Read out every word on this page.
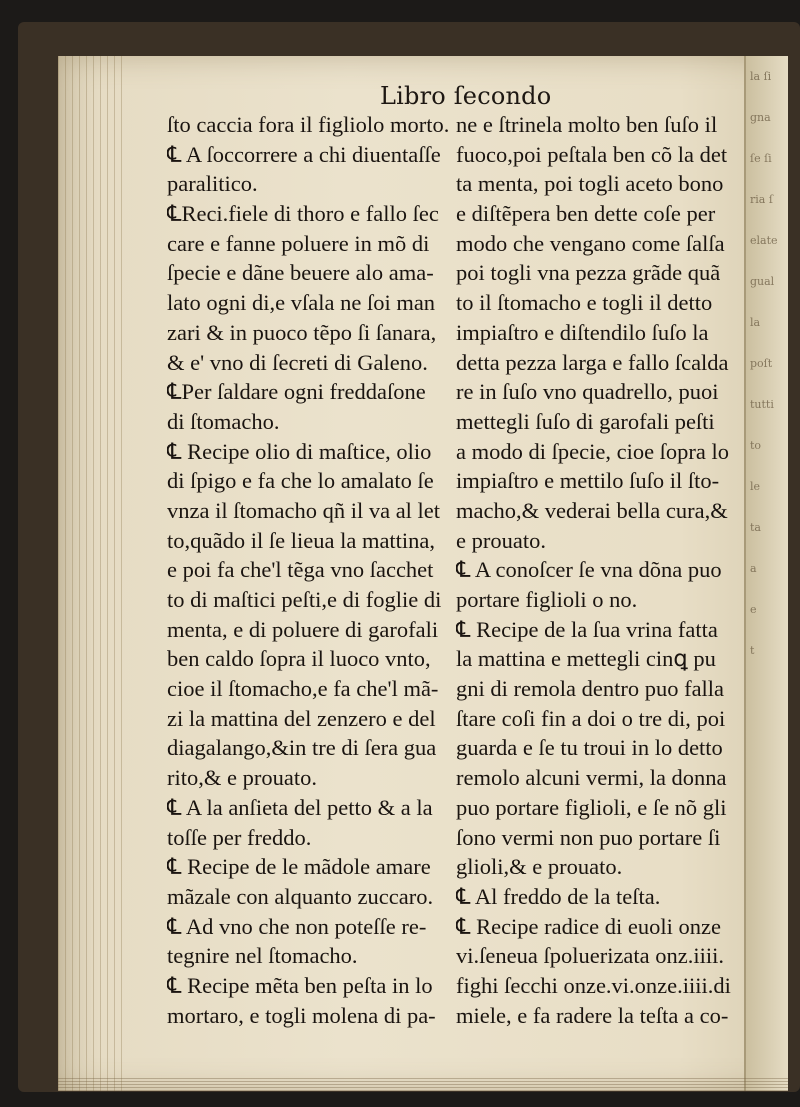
la ſi
gna
ſe ſi
ria ſ
elate
gual
la
poſt
tutti
to
le
ta
a
e
t
Libro ſecondo
ſto caccia fora il figliolo morto.
℄ A ſoccorrere a chi diuentaſſe
paralitico.
℄Reci.fiele di thoro e fallo ſec
care e fanne poluere in mõ di
ſpecie e dãne beuere alo ama-
lato ogni di,e vſala ne ſoi man
zari & in puoco tẽpo ſi ſanara,
& e' vno di ſecreti di Galeno.
℄Per ſaldare ogni freddaſone
di ſtomacho.
℄ Recipe olio di maſtice, olio
di ſpigo e fa che lo amalato ſe
vnza il ſtomacho qñ il va al let
to,quãdo il ſe lieua la mattina,
e poi fa che'l tẽga vno ſacchet
to di maſtici peſti,e di foglie di
menta, e di poluere di garofali
ben caldo ſopra il luoco vnto,
cioe il ſtomacho,e fa che'l mã-
zi la mattina del zenzero e del
diagalango,&in tre di ſera gua
rito,& e prouato.
℄ A la anſieta del petto & a la
toſſe per freddo.
℄ Recipe de le mãdole amare
mãzale con alquanto zuccaro.
℄ Ad vno che non poteſſe re-
tegnire nel ſtomacho.
℄ Recipe mẽta ben peſta in lo
mortaro, e togli molena di pa-
ne e ſtrinela molto ben ſuſo il
fuoco,poi peſtala ben cõ la det
ta menta, poi togli aceto bono
e diſtẽpera ben dette coſe per
modo che vengano come ſalſa
poi togli vna pezza grãde quã
to il ſtomacho e togli il detto
impiaſtro e diſtendilo ſuſo la
detta pezza larga e fallo ſcalda
re in ſuſo vno quadrello, puoi
mettegli ſuſo di garofali peſti
a modo di ſpecie, cioe ſopra lo
impiaſtro e mettilo ſuſo il ſto-
macho,& vederai bella cura,&
e prouato.
℄ A conoſcer ſe vna dõna puo
portare figlioli o no.
℄ Recipe de la ſua vrina fatta
la mattina e mettegli cinꝗ pu
gni di remola dentro puo falla
ſtare coſi fin a doi o tre di, poi
guarda e ſe tu troui in lo detto
remolo alcuni vermi, la donna
puo portare figlioli, e ſe nõ gli
ſono vermi non puo portare ſi
glioli,& e prouato.
℄ Al freddo de la teſta.
℄ Recipe radice di euoli onze
vi.ſeneua ſpoluerizata onz.iiii.
fighi ſecchi onze.vi.onze.iiii.di
miele, e fa radere la teſta a co-
